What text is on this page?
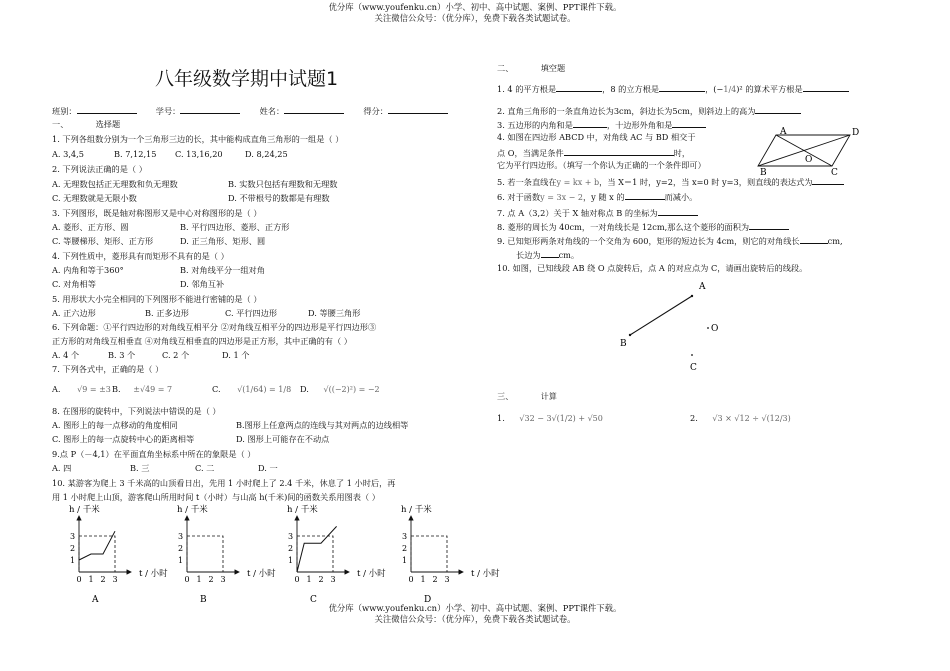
优分库（www.youfenku.cn）小学、初中、高中试题、案例、PPT课件下载。
关注微信公众号：（优分库），免费下载各类试题试卷。
八年级数学期中试题1
班别：	学号：	姓名：	得分：
一、	选择题
1. 下列各组数分别为一个三角形三边的长，其中能构成直角三角形的一组是（ ）
A. 3,4,5	B. 7,12,15 C. 13,16,20	D. 8,24,25
2. 下列说法正确的是（ ）
A. 无理数包括正无理数和负无理数	B. 实数只包括有理数和无理数
C. 无理数就是无限小数	D. 不带根号的数都是有理数
3. 下列图形，既是轴对称图形又是中心对称图形的是（ ）
A. 菱形、正方形、圆	B. 平行四边形、菱形、正方形
C. 等腰梯形、矩形、正方形	D. 正三角形、矩形、圆
4. 下列性质中，菱形具有而矩形不具有的是（ ）
A. 内角和等于360°	B. 对角线平分一组对角
C. 对角相等	D. 邻角互补
5. 用形状大小完全相同的下列图形不能进行密铺的是（ ）
A. 正六边形	B. 正多边形	C. 平行四边形	D. 等腰三角形
6. 下列命题：①平行四边形的对角线互相平分 ②对角线互相平分的四边形是平行四边形③
正方形的对角线互相垂直 ④对角线互相垂直的四边形是正方形，其中正确的有（ ）
A. 4 个	B. 3 个	C. 2 个	D. 1 个
7. 下列各式中，正确的是（ ）
A. √9 = ±3 B. ±√49 = 7	C. √(1/64) = 1/8 D. √((−2)²) = −2
8. 在图形的旋转中，下列说法中错误的是（ ）
A. 图形上的每一点移动的角度相同	B.图形上任意两点的连线与其对两点的边线相等
C. 图形上的每一点旋转中心的距离相等	D. 图形上可能存在不动点
9.点 P（－4,1）在平面直角坐标系中所在的象限是（ ）
A. 四	B. 三	C. 二	D. 一
10. 某游客为爬上 3 千米高的山顶看日出，先用 1 小时爬上了 2.4 千米，休息了 1 小时后，再
用 1 小时爬上山顶，游客爬山所用时间 t（小时）与山高 h(千米)间的函数关系用图表（ ）
h / 千米
t / 小时
1
2
3
0 1 2 3
A
h / 千米
t / 小时
1
2
3
0 1 2 3
B
h / 千米
t / 小时
1
2
3
0 1 2 3
C
h / 千米
t / 小时
1
2
3
0 1 2 3
D
二、	填空题
1. 4 的平方根是	，8 的立方根是	，(−1/4)² 的算术平方根是
2. 直角三角形的一条直角边长为3cm，斜边长为5cm，则斜边上的高为
3. 五边形的内角和是	，十边形外角和是
4. 如图在四边形 ABCD 中，对角线 AC 与 BD 相交于
点 O，当满足条件	时，
它为平行四边形。（填写一个你认为正确的一个条件即可）
A	D
O
B	C
5. 若一条直线在y = kx + b，当 X＝1 时，y=2，当 x=0 时 y=3，则直线的表达式为
6. 对于函数y = 3x − 2，y 随 x 的	而减小。
7. 点 A（3,2）关于 X 轴对称点 B 的坐标为
8. 菱形的周长为 40cm，一对角线长是 12cm,那么这个菱形的面积为
9. 已知矩形两条对角线的一个交角为 600，矩形的短边长为 4cm，则它的对角线长	cm,
长边为 cm。
10. 如图，已知线段 AB 绕 O 点旋转后，点 A 的对应点为 C，请画出旋转后的线段。
A
B
O
C
三、	计算
1. √32 − 3√(1/2) + √50	2. √3 × √12 ÷ √(12/3)
优分库（www.youfenku.cn）小学、初中、高中试题、案例、PPT课件下载。
关注微信公众号：（优分库），免费下载各类试题试卷。
